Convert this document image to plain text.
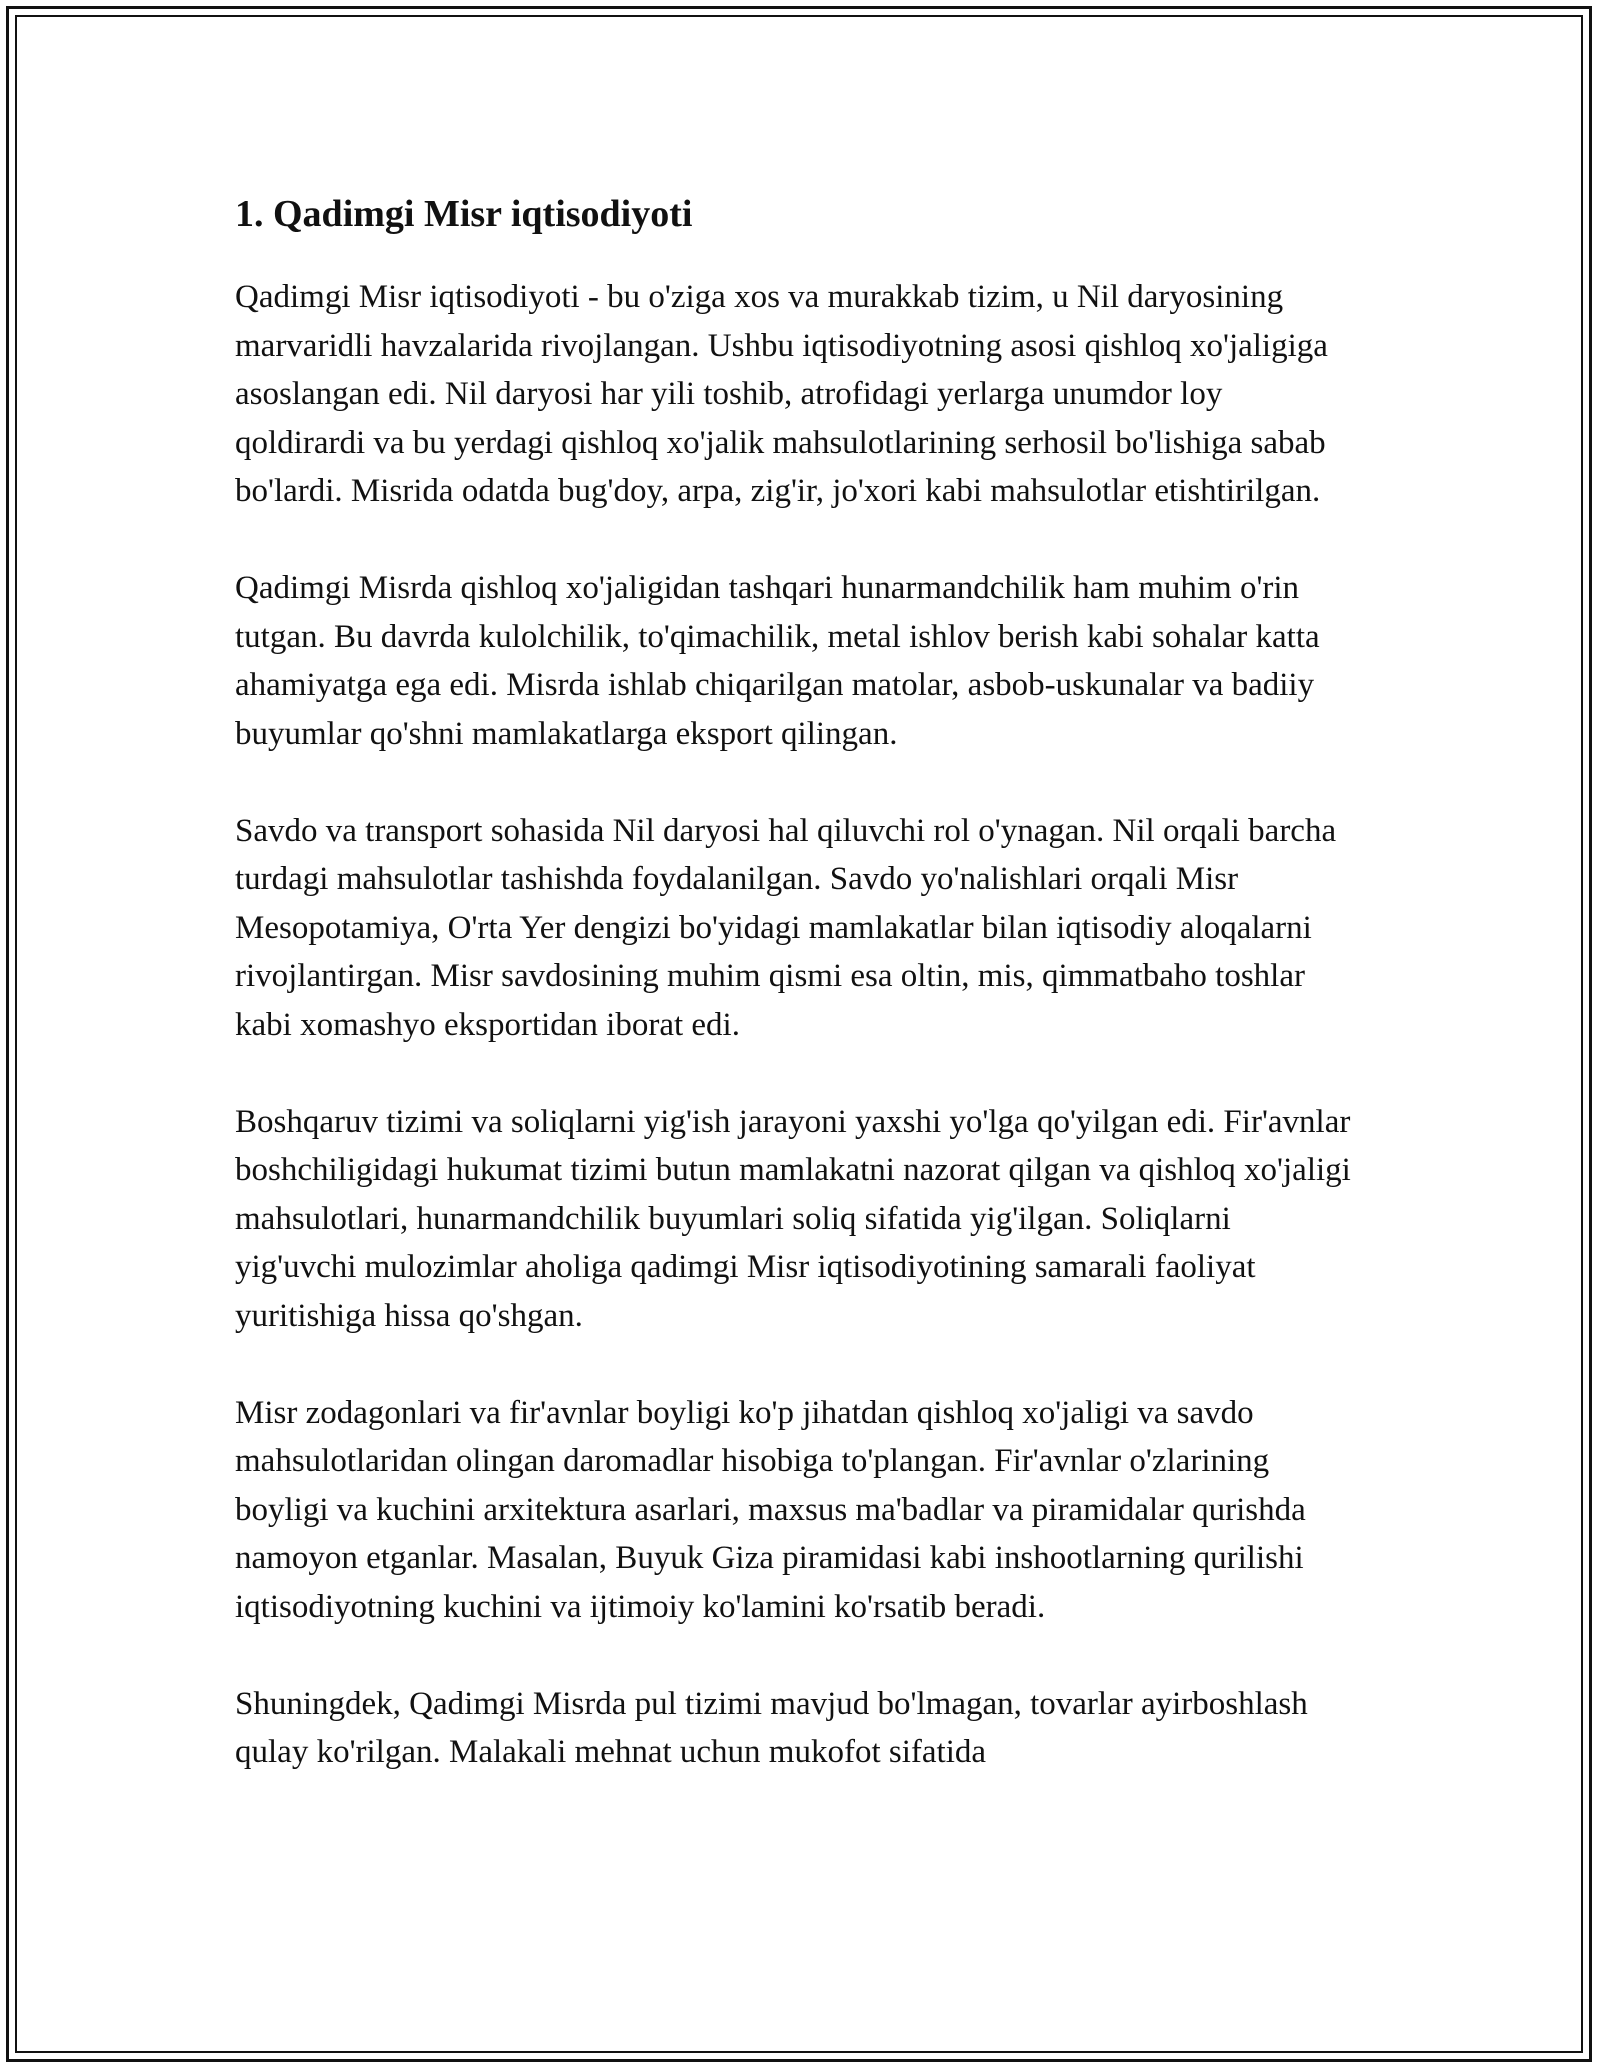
1. Qadimgi Misr iqtisodiyoti

Qadimgi Misr iqtisodiyoti - bu o'ziga xos va murakkab tizim, u Nil daryosining marvaridli havzalarida rivojlangan. Ushbu iqtisodiyotning asosi qishloq xo'jaligiga asoslangan edi. Nil daryosi har yili toshib, atrofidagi yerlarga unumdor loy qoldirardi va bu yerdagi qishloq xo'jalik mahsulotlarining serhosil bo'lishiga sabab bo'lardi. Misrida odatda bug'doy, arpa, zig'ir, jo'xori kabi mahsulotlar etishtirilgan.

Qadimgi Misrda qishloq xo'jaligidan tashqari hunarmandchilik ham muhim o'rin tutgan. Bu davrda kulolchilik, to'qimachilik, metal ishlov berish kabi sohalar katta ahamiyatga ega edi. Misrda ishlab chiqarilgan matolar, asbob-uskunalar va badiiy buyumlar qo'shni mamlakatlarga eksport qilingan.

Savdo va transport sohasida Nil daryosi hal qiluvchi rol o'ynagan. Nil orqali barcha turdagi mahsulotlar tashishda foydalanilgan. Savdo yo'nalishlari orqali Misr Mesopotamiya, O'rta Yer dengizi bo'yidagi mamlakatlar bilan iqtisodiy aloqalarni rivojlantirgan. Misr savdosining muhim qismi esa oltin, mis, qimmatbaho toshlar kabi xomashyo eksportidan iborat edi.

Boshqaruv tizimi va soliqlarni yig'ish jarayoni yaxshi yo'lga qo'yilgan edi. Fir'avnlar boshchiligidagi hukumat tizimi butun mamlakatni nazorat qilgan va qishloq xo'jaligi mahsulotlari, hunarmandchilik buyumlari soliq sifatida yig'ilgan. Soliqlarni yig'uvchi mulozimlar aholiga qadimgi Misr iqtisodiyotining samarali faoliyat yuritishiga hissa qo'shgan.

Misr zodagonlari va fir'avnlar boyligi ko'p jihatdan qishloq xo'jaligi va savdo mahsulotlaridan olingan daromadlar hisobiga to'plangan. Fir'avnlar o'zlarining boyligi va kuchini arxitektura asarlari, maxsus ma'badlar va piramidalar qurishda namoyon etganlar. Masalan, Buyuk Giza piramidasi kabi inshootlarning qurilishi iqtisodiyotning kuchini va ijtimoiy ko'lamini ko'rsatib beradi.

Shuningdek, Qadimgi Misrda pul tizimi mavjud bo'lmagan, tovarlar ayirboshlash qulay ko'rilgan. Malakali mehnat uchun mukofot sifatida
